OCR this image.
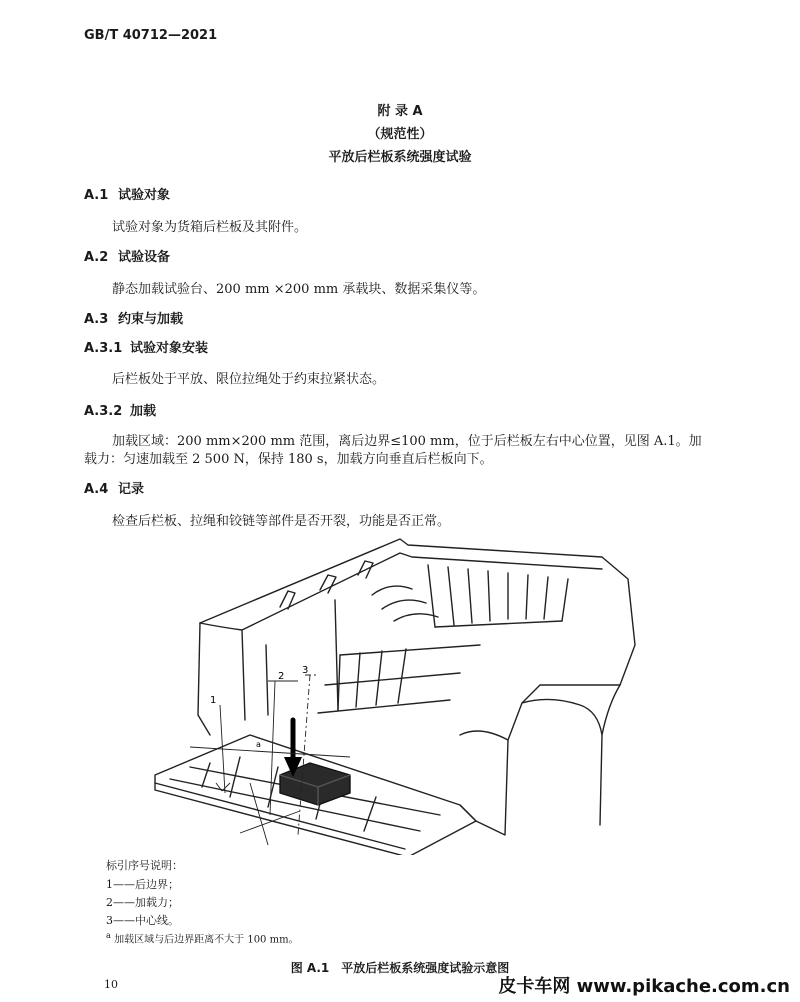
GB/T 40712—2021
附 录 A
（规范性）
平放后栏板系统强度试验
A.1 试验对象
试验对象为货箱后栏板及其附件。
A.2 试验设备
静态加载试验台、200 mm ×200 mm 承载块、数据采集仪等。
A.3 约束与加载
A.3.1 试验对象安装
后栏板处于平放、限位拉绳处于约束拉紧状态。
A.3.2 加载
加载区域：200 mm×200 mm 范围，离后边界≤100 mm，位于后栏板左右中心位置，见图 A.1。加
载力：匀速加载至 2 500 N，保持 180 s，加载方向垂直后栏板向下。
A.4 记录
检查后栏板、拉绳和铰链等部件是否开裂，功能是否正常。
1
2
3
a
标引序号说明：
1——后边界；
2——加载力；
3——中心线。
$^a$ 加载区域与后边界距离不大于 100 mm。
图 A.1　平放后栏板系统强度试验示意图
10	皮卡车网 www.pikache.com.cn
